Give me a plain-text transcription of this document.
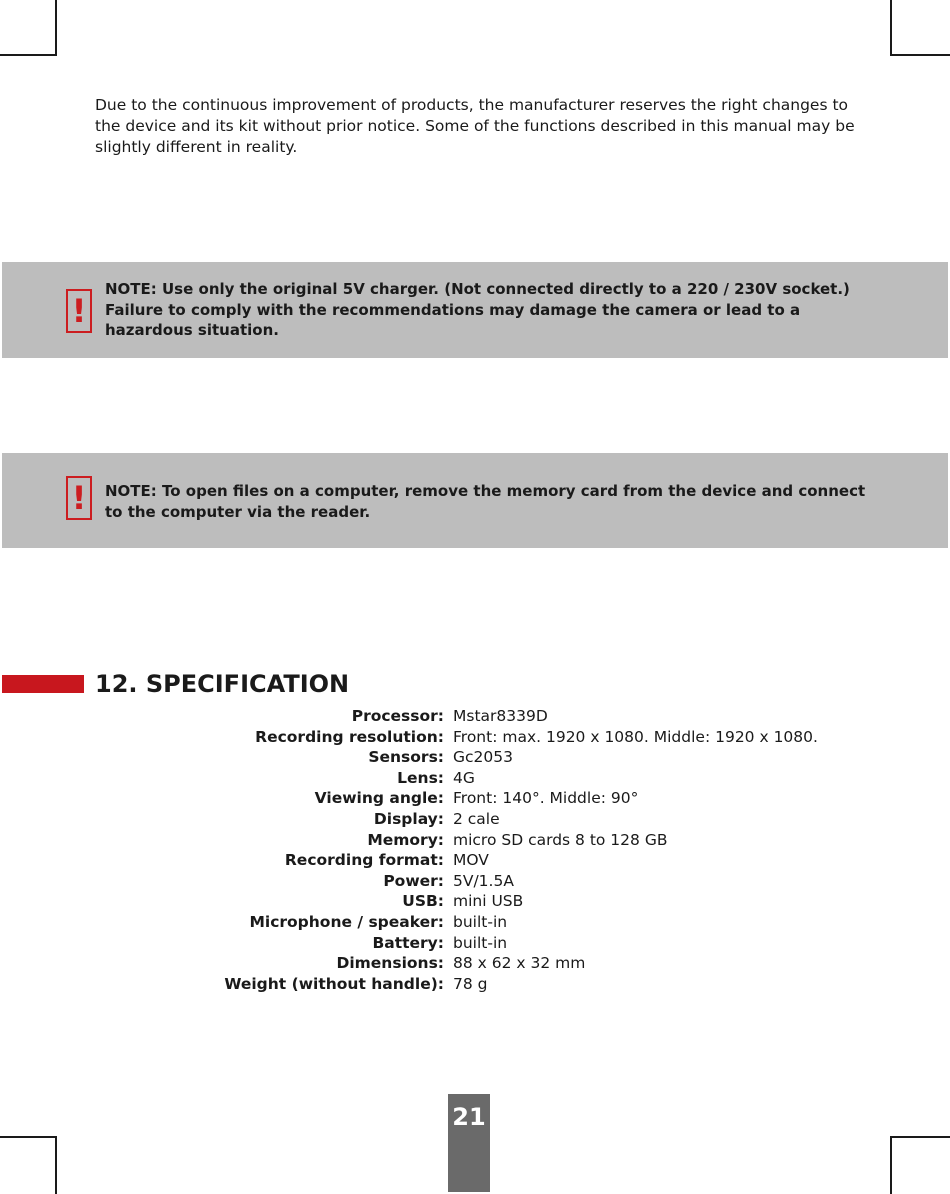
Due to the continuous improvement of products, the manufacturer reserves the right changes to the device and its kit without prior notice. Some of the functions described in this manual may be slightly different in reality.

!

NOTE: Use only the original 5V charger. (Not connected directly to a 220 / 230V socket.) Failure to comply with the recommendations may damage the camera or lead to a hazardous situation.

!	NOTE: To open files on a computer, remove the memory card from the device and connect to the computer via the reader.

12. SPECIFICATION
Processor: Mstar8339D
Recording resolution: Front: max. 1920 x 1080. Middle: 1920 x 1080.
Sensors: Gc2053
Lens: 4G
Viewing angle: Front: 140°. Middle: 90°
Display: 2 cale
Memory: micro SD cards 8 to 128 GB
Recording format: MOV
Power: 5V/1.5A
USB: mini USB
Microphone / speaker: built-in
Battery: built-in
Dimensions: 88 x 62 x 32 mm
Weight (without handle): 78 g
21
